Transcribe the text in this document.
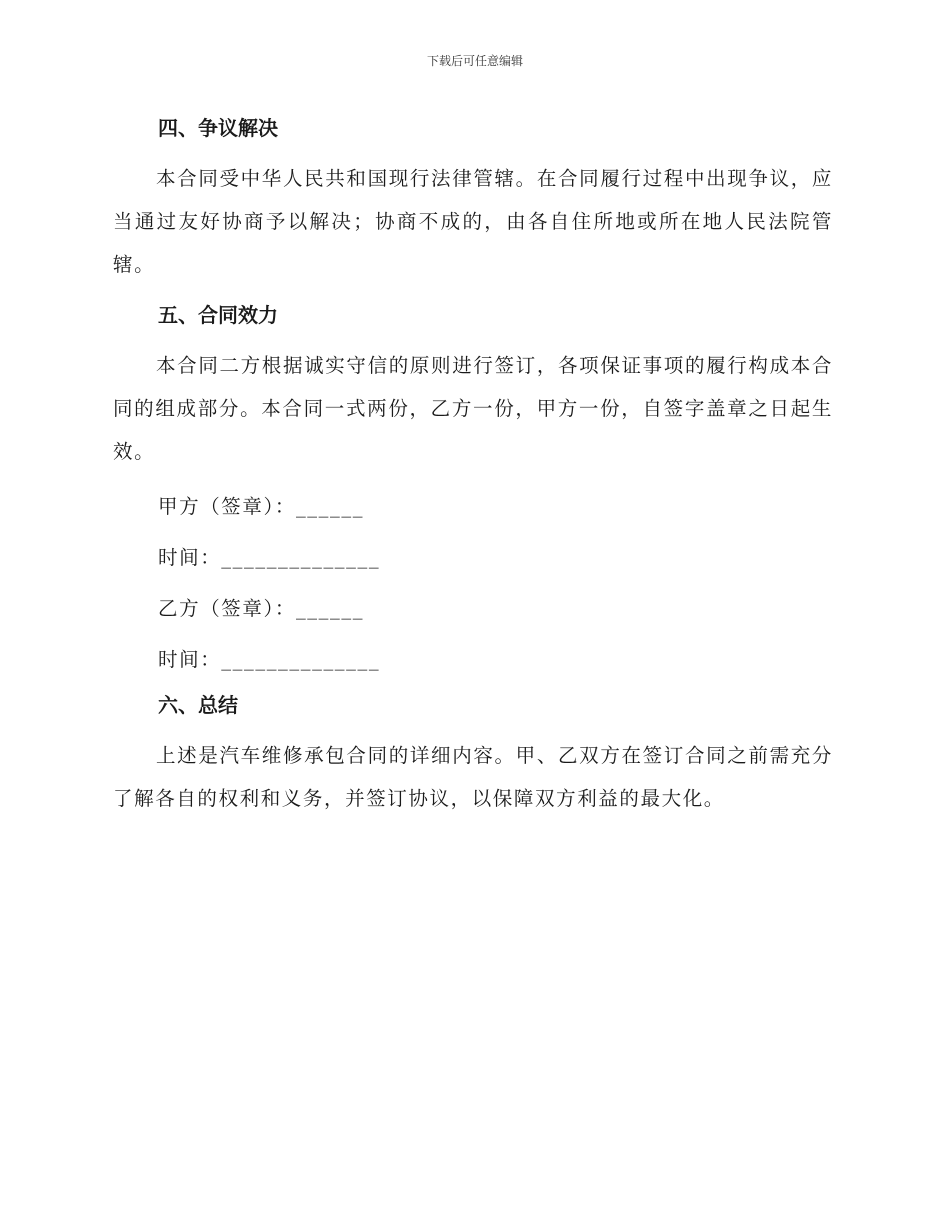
下载后可任意编辑
四、争议解决

本合同受中华人民共和国现行法律管辖。在合同履行过程中出现争议，应当通过友好协商予以解决；协商不成的，由各自住所地或所在地人民法院管辖。

五、合同效力

本合同二方根据诚实守信的原则进行签订，各项保证事项的履行构成本合同的组成部分。本合同一式两份，乙方一份，甲方一份，自签字盖章之日起生效。

甲方（签章）：______
时间：______________
乙方（签章）：______
时间：______________
六、总结

上述是汽车维修承包合同的详细内容。甲、乙双方在签订合同之前需充分了解各自的权利和义务，并签订协议，以保障双方利益的最大化。
